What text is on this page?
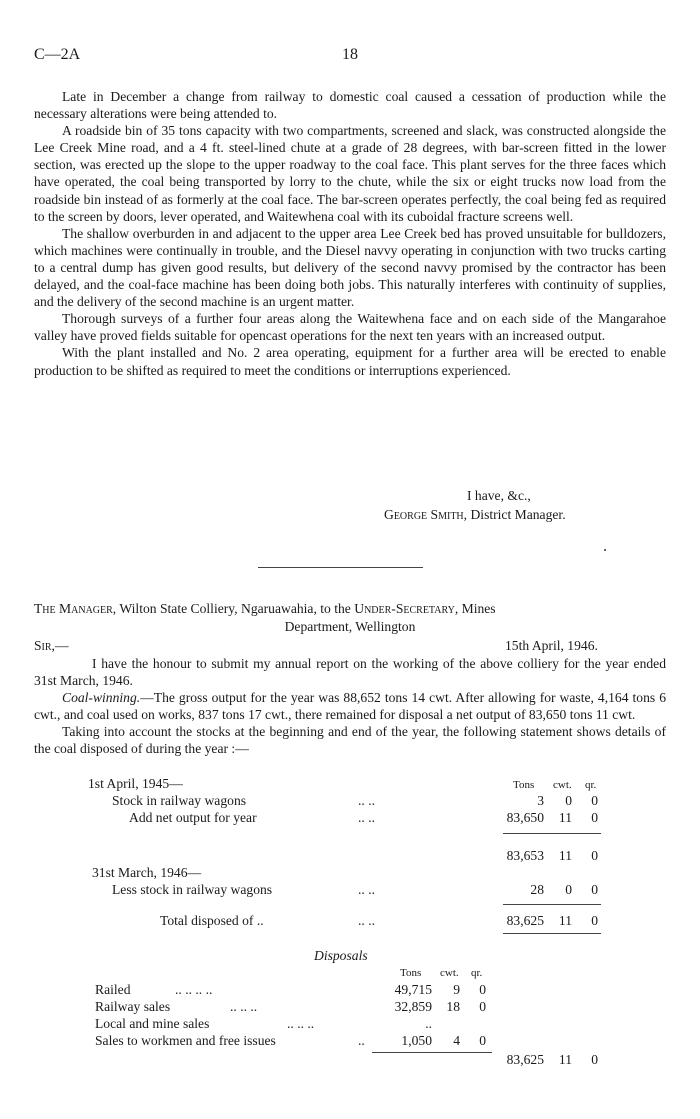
C—2A	18

Late in December a change from railway to domestic coal caused a cessation of production while the necessary alterations were being attended to.

A roadside bin of 35 tons capacity with two compartments, screened and slack, was constructed alongside the Lee Creek Mine road, and a 4 ft. steel-lined chute at a grade of 28 degrees, with bar-screen fitted in the lower section, was erected up the slope to the upper roadway to the coal face. This plant serves for the three faces which have operated, the coal being transported by lorry to the chute, while the six or eight trucks now load from the roadside bin instead of as formerly at the coal face. The bar-screen operates perfectly, the coal being fed as required to the screen by doors, lever operated, and Waitewhena coal with its cuboidal fracture screens well.

The shallow overburden in and adjacent to the upper area Lee Creek bed has proved unsuitable for bulldozers, which machines were continually in trouble, and the Diesel navvy operating in conjunction with two trucks carting to a central dump has given good results, but delivery of the second navvy promised by the contractor has been delayed, and the coal-face machine has been doing both jobs. This naturally interferes with continuity of supplies, and the delivery of the second machine is an urgent matter.

Thorough surveys of a further four areas along the Waitewhena face and on each side of the Mangarahoe valley have proved fields suitable for opencast operations for the next ten years with an increased output.

With the plant installed and No. 2 area operating, equipment for a further area will be erected to enable production to be shifted as required to meet the conditions or interruptions experienced.

I have, &c.,
George Smith, District Manager.
The Manager, Wilton State Colliery, Ngaruawahia, to the Under-Secretary, Mines
Department, Wellington
Sir,—	15th April, 1946.

I have the honour to submit my annual report on the working of the above colliery for the year ended 31st March, 1946.

Coal-winning.—The gross output for the year was 88,652 tons 14 cwt. After allowing for waste, 4,164 tons 6 cwt., and coal used on works, 837 tons 17 cwt., there remained for disposal a net output of 83,650 tons 11 cwt.

Taking into account the stocks at the beginning and end of the year, the following statement shows details of the coal disposed of during the year :—

Tons cwt. qr.
1st April, 1945—
Stock in railway wagons	.. ..	3	0	0
Add net output for year	.. ..	83,650	11	0
83,653	11	0
31st March, 1946—
Less stock in railway wagons	.. ..	28	0	0
Total disposed of ..	.. ..	83,625	11	0
Disposals
Tons cwt. qr.
Railed	.. .. .. ..	49,715	9	0
Railway sales	.. .. ..	32,859	18	0
Local and mine sales	.. .. ..	..
Sales to workmen and free issues	..	1,050	4	0
83,625	11	0
